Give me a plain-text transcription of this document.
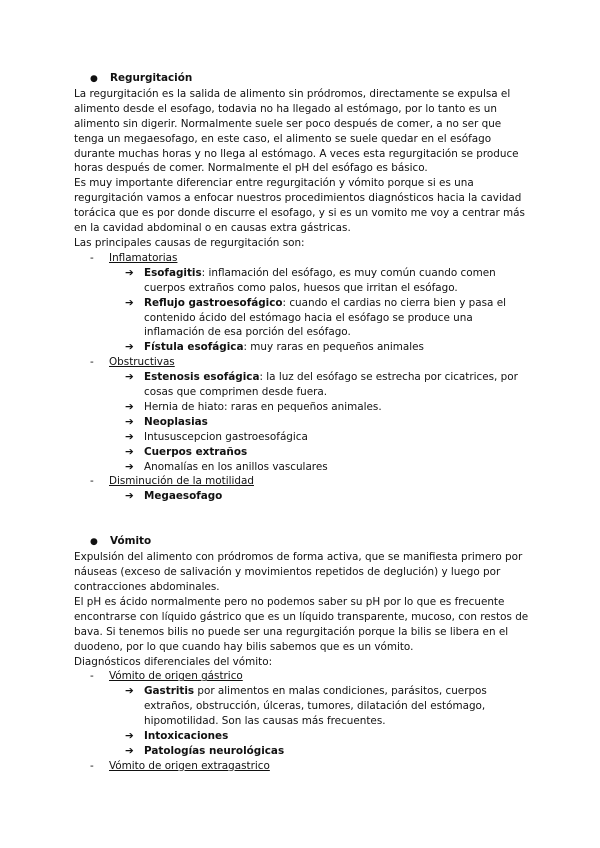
●	Regurgitación

La regurgitación es la salida de alimento sin pródromos, directamente se expulsa el alimento desde el esofago, todavia no ha llegado al estómago, por lo tanto es un alimento sin digerir. Normalmente suele ser poco después de comer, a no ser que tenga un megaesofago, en este caso, el alimento se suele quedar en el esófago durante muchas horas y no llega al estómago. A veces esta regurgitación se produce horas después de comer. Normalmente el pH del esófago es básico.

Es muy importante diferenciar entre regurgitación y vómito porque si es una regurgitación vamos a enfocar nuestros procedimientos diagnósticos hacia la cavidad torácica que es por donde discurre el esofago, y si es un vomito me voy a centrar más en la cavidad abdominal o en causas extra gástricas.

Las principales causas de regurgitación son:

-	Inflamatorias
➔ Esofagitis: inflamación del esófago, es muy común cuando comen cuerpos extraños como palos, huesos que irritan el esófago.
➔ Reflujo gastroesofágico: cuando el cardias no cierra bien y pasa el contenido ácido del estómago hacia el esófago se produce una inflamación de esa porción del esófago.
➔ Fístula esofágica: muy raras en pequeños animales
-	Obstructivas
➔ Estenosis esofágica: la luz del esófago se estrecha por cicatrices, por cosas que comprimen desde fuera.
➔ Hernia de hiato: raras en pequeños animales.
➔ Neoplasias
➔ Intususcepcion gastroesofágica
➔ Cuerpos extraños
➔ Anomalías en los anillos vasculares
-	Disminución de la motilidad
➔ Megaesofago
●	Vómito

Expulsión del alimento con pródromos de forma activa, que se manifiesta primero por náuseas (exceso de salivación y movimientos repetidos de deglución) y luego por contracciones abdominales.

El pH es ácido normalmente pero no podemos saber su pH por lo que es frecuente encontrarse con líquido gástrico que es un líquido transparente, mucoso, con restos de bava. Si tenemos bilis no puede ser una regurgitación porque la bilis se libera en el duodeno, por lo que cuando hay bilis sabemos que es un vómito.

Diagnósticos diferenciales del vómito:

-	Vómito de origen gástrico
➔ Gastritis por alimentos en malas condiciones, parásitos, cuerpos extraños, obstrucción, úlceras, tumores, dilatación del estómago, hipomotilidad. Son las causas más frecuentes.
➔ Intoxicaciones
➔ Patologías neurológicas
-	Vómito de origen extragastrico
